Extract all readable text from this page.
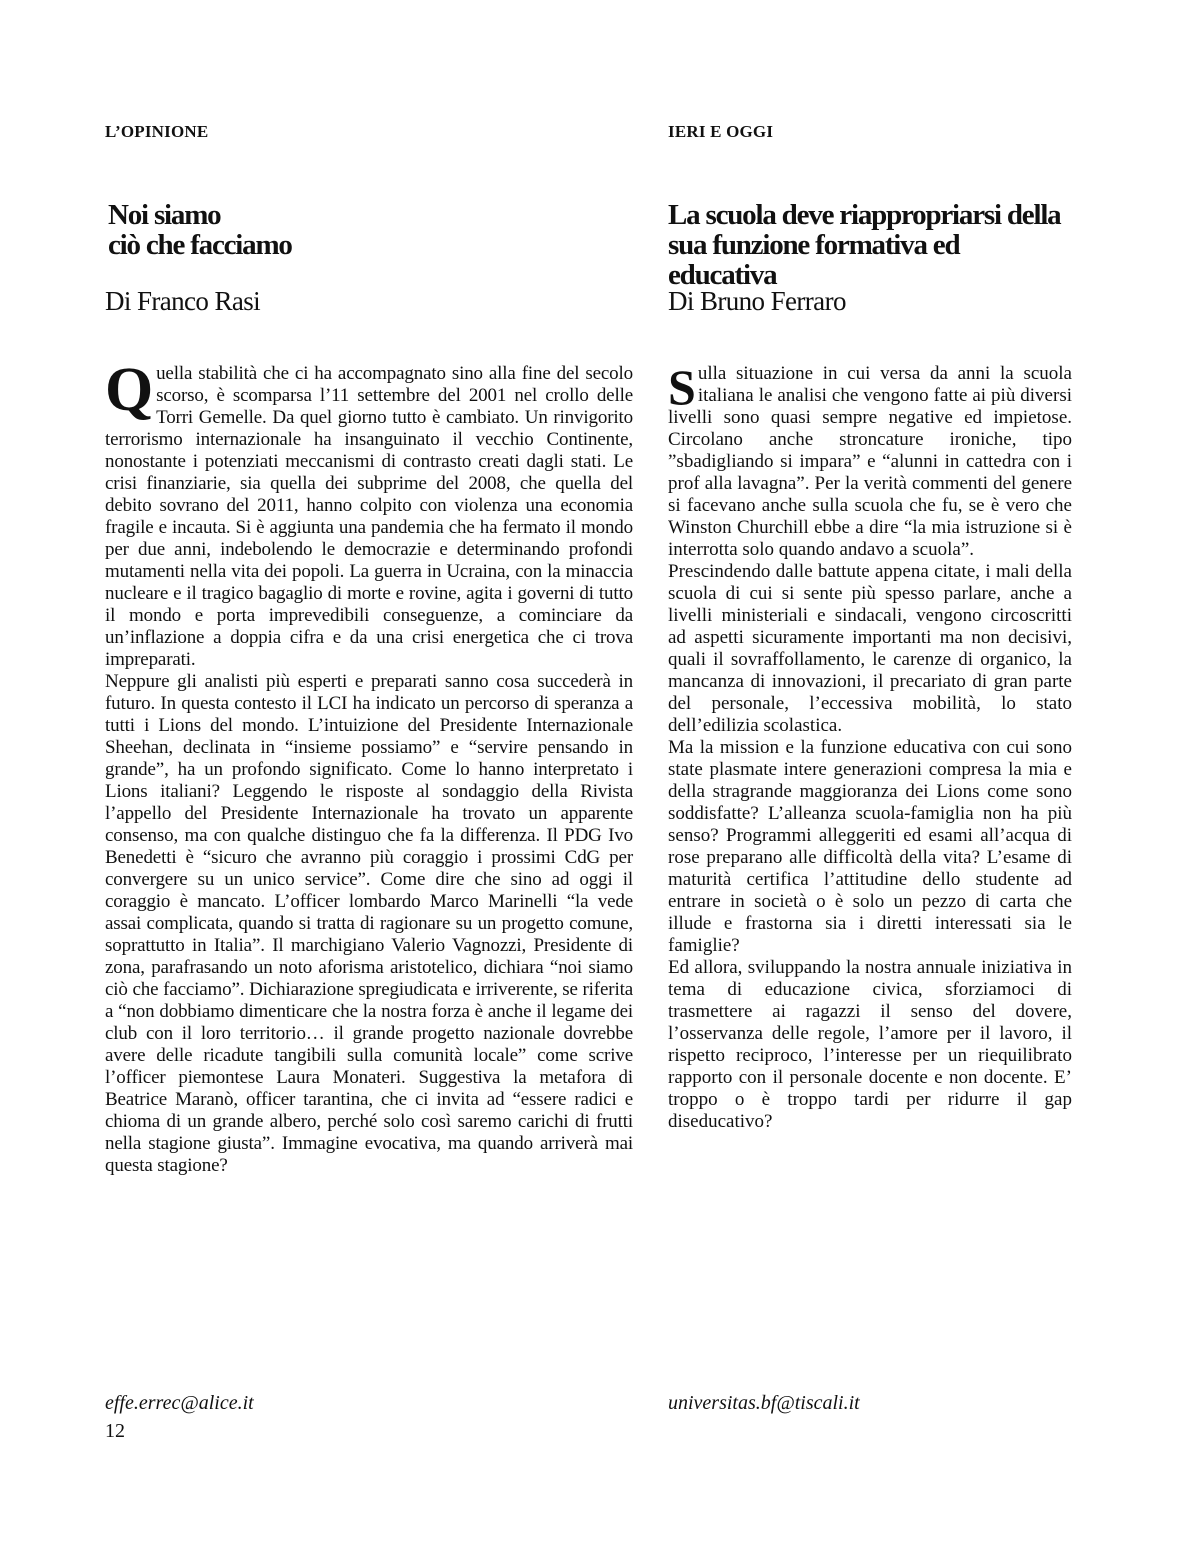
L’OPINIONE
Noi siamo
ciò che facciamo
Di Franco Rasi

Quella stabilità che ci ha accompagnato sino alla fine del secolo scorso, è scomparsa l’11 settembre del 2001 nel crollo delle Torri Gemelle. Da quel giorno tutto è cambiato. Un rinvigorito terrorismo internazionale ha insanguinato il vecchio Continente, nonostante i potenziati meccanismi di contrasto creati dagli stati. Le crisi finanziarie, sia quella dei subprime del 2008, che quella del debito sovrano del 2011, hanno colpito con violenza una economia fragile e incauta. Si è aggiunta una pandemia che ha fermato il mondo per due anni, indebolendo le democrazie e determinando profondi mutamenti nella vita dei popoli. La guerra in Ucraina, con la minaccia nucleare e il tragico bagaglio di morte e rovine, agita i governi di tutto il mondo e porta imprevedibili conseguenze, a cominciare da un’inflazione a doppia cifra e da una crisi energetica che ci trova impreparati.

Neppure gli analisti più esperti e preparati sanno cosa succederà in futuro. In questa contesto il LCI ha indicato un percorso di speranza a tutti i Lions del mondo. L’intuizione del Presidente Internazionale Sheehan, declinata in “insieme possiamo” e “servire pensando in grande”, ha un profondo significato. Come lo hanno interpretato i Lions italiani? Leggendo le risposte al sondaggio della Rivista l’appello del Presidente Internazionale ha trovato un apparente consenso, ma con qualche distinguo che fa la differenza. Il PDG Ivo Benedetti è “sicuro che avranno più coraggio i prossimi CdG per convergere su un unico service”. Come dire che sino ad oggi il coraggio è mancato. L’officer lombardo Marco Marinelli “la vede assai complicata, quando si tratta di ragionare su un progetto comune, soprattutto in Italia”. Il marchigiano Valerio Vagnozzi, Presidente di zona, parafrasando un noto aforisma aristotelico, dichiara “noi siamo ciò che facciamo”. Dichiarazione spregiudicata e irriverente, se riferita a “non dobbiamo dimenticare che la nostra forza è anche il legame dei club con il loro territorio… il grande progetto nazionale dovrebbe avere delle ricadute tangibili sulla comunità locale” come scrive l’officer piemontese Laura Monateri. Suggestiva la metafora di Beatrice Maranò, officer tarantina, che ci invita ad “essere radici e chioma di un grande albero, perché solo così saremo carichi di frutti nella stagione giusta”. Immagine evocativa, ma quando arriverà mai questa stagione?

effe.errec@alice.it
IERI E OGGI
La scuola deve riappropriarsi della
sua funzione formativa ed educativa
Di Bruno Ferraro

Sulla situazione in cui versa da anni la scuola italiana le analisi che vengono fatte ai più diversi livelli sono quasi sempre negative ed impietose. Circolano anche stroncature ironiche, tipo ”sbadigliando si impara” e “alunni in cattedra con i prof alla lavagna”. Per la verità commenti del genere si facevano anche sulla scuola che fu, se è vero che Winston Churchill ebbe a dire “la mia istruzione si è interrotta solo quando andavo a scuola”.

Prescindendo dalle battute appena citate, i mali della scuola di cui si sente più spesso parlare, anche a livelli ministeriali e sindacali, vengono circoscritti ad aspetti sicuramente importanti ma non decisivi, quali il sovraffollamento, le carenze di organico, la mancanza di innovazioni, il precariato di gran parte del personale, l’eccessiva mobilità, lo stato dell’edilizia scolastica.

Ma la mission e la funzione educativa con cui sono state plasmate intere generazioni compresa la mia e della stragrande maggioranza dei Lions come sono soddisfatte? L’alleanza scuola-famiglia non ha più senso? Programmi alleggeriti ed esami all’acqua di rose preparano alle difficoltà della vita? L’esame di maturità certifica l’attitudine dello studente ad entrare in società o è solo un pezzo di carta che illude e frastorna sia i diretti interessati sia le famiglie?

Ed allora, sviluppando la nostra annuale iniziativa in tema di educazione civica, sforziamoci di trasmettere ai ragazzi il senso del dovere, l’osservanza delle regole, l’amore per il lavoro, il rispetto reciproco, l’interesse per un riequilibrato rapporto con il personale docente e non docente. E’ troppo o è troppo tardi per ridurre il gap diseducativo?

universitas.bf@tiscali.it
12
